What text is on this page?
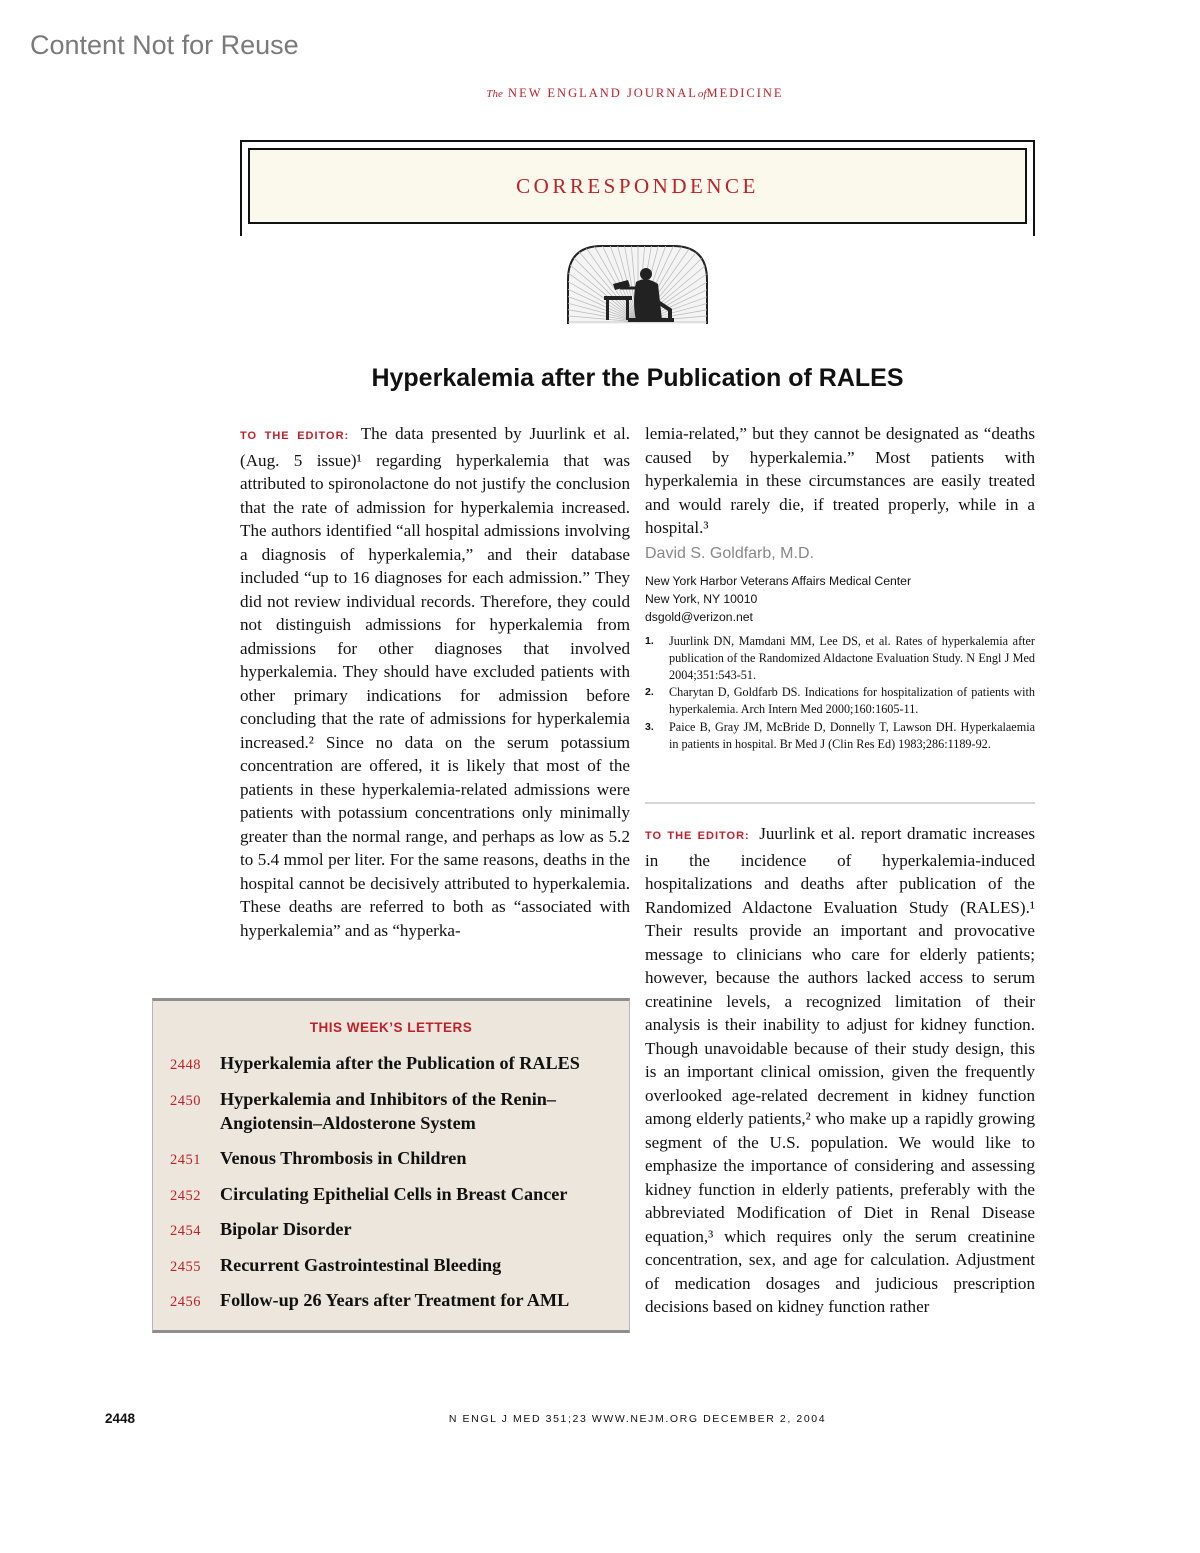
Content Not for Reuse
The NEW ENGLAND JOURNALofMEDICINE
CORRESPONDENCE
Hyperkalemia after the Publication of RALES
TO THE EDITOR: The data presented by Juurlink et al. (Aug. 5 issue)¹ regarding hyperkalemia that was attributed to spironolactone do not justify the conclusion that the rate of admission for hyperkalemia increased. The authors identified “all hospital admissions involving a diagnosis of hyperkalemia,” and their database included “up to 16 diagnoses for each admission.” They did not review individual records. Therefore, they could not distinguish admissions for hyperkalemia from admissions for other diagnoses that involved hyperkalemia. They should have excluded patients with other primary indications for admission before concluding that the rate of admissions for hyperkalemia increased.² Since no data on the serum potassium concentration are offered, it is likely that most of the patients in these hyperkalemia-related admissions were patients with potassium concentrations only minimally greater than the normal range, and perhaps as low as 5.2 to 5.4 mmol per liter. For the same reasons, deaths in the hospital cannot be decisively attributed to hyperkalemia. These deaths are referred to both as “associated with hyperkalemia” and as “hyperka-
lemia-related,” but they cannot be designated as “deaths caused by hyperkalemia.” Most patients with hyperkalemia in these circumstances are easily treated and would rarely die, if treated properly, while in a hospital.³
David S. Goldfarb, M.D.
New York Harbor Veterans Affairs Medical Center
New York, NY 10010
dsgold@verizon.net
1. Juurlink DN, Mamdani MM, Lee DS, et al. Rates of hyperkalemia after publication of the Randomized Aldactone Evaluation Study. N Engl J Med 2004;351:543-51.
2. Charytan D, Goldfarb DS. Indications for hospitalization of patients with hyperkalemia. Arch Intern Med 2000;160:1605-11.
3. Paice B, Gray JM, McBride D, Donnelly T, Lawson DH. Hyperkalaemia in patients in hospital. Br Med J (Clin Res Ed) 1983;286:1189-92.
TO THE EDITOR: Juurlink et al. report dramatic increases in the incidence of hyperkalemia-induced hospitalizations and deaths after publication of the Randomized Aldactone Evaluation Study (RALES).¹ Their results provide an important and provocative message to clinicians who care for elderly patients; however, because the authors lacked access to serum creatinine levels, a recognized limitation of their analysis is their inability to adjust for kidney function. Though unavoidable because of their study design, this is an important clinical omission, given the frequently overlooked age-related decrement in kidney function among elderly patients,² who make up a rapidly growing segment of the U.S. population. We would like to emphasize the importance of considering and assessing kidney function in elderly patients, preferably with the abbreviated Modification of Diet in Renal Disease equation,³ which requires only the serum creatinine concentration, sex, and age for calculation. Adjustment of medication dosages and judicious prescription decisions based on kidney function rather
THIS WEEK’S LETTERS
2448 Hyperkalemia after the Publication of RALES
2450 Hyperkalemia and Inhibitors of the Renin–Angiotensin–Aldosterone System
2451 Venous Thrombosis in Children
2452 Circulating Epithelial Cells in Breast Cancer
2454 Bipolar Disorder
2455 Recurrent Gastrointestinal Bleeding
2456 Follow-up 26 Years after Treatment for AML
2448	N ENGL J MED 351;23 WWW.NEJM.ORG DECEMBER 2, 2004
